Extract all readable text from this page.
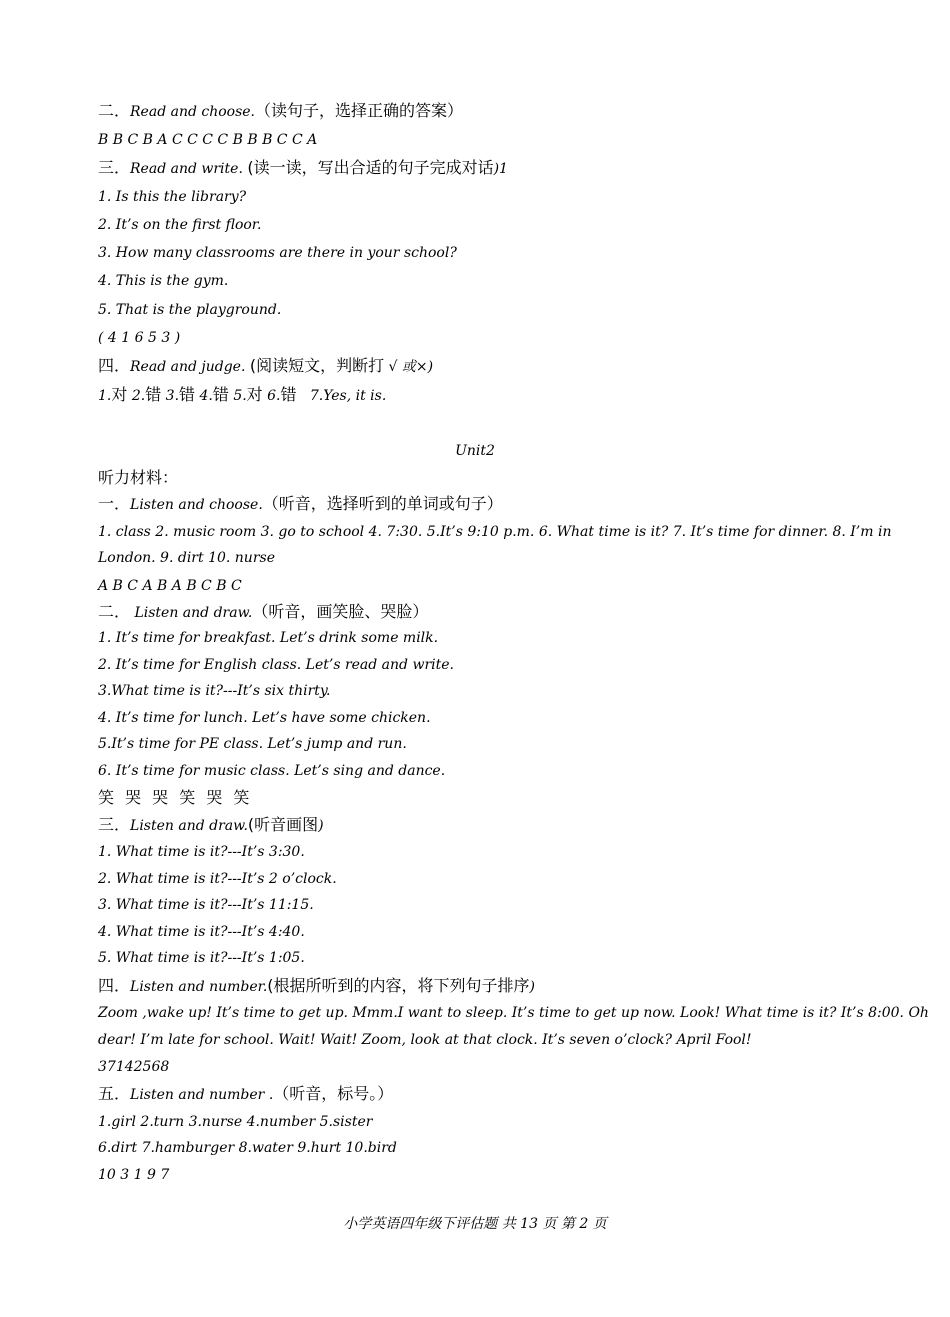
二．Read and choose.（读句子，选择正确的答案）
B B C B A C C C C B B B C C A
三．Read and write. (读一读，写出合适的句子完成对话)1
1. Is this the library?
2. It’s on the first floor.
3. How many classrooms are there in your school?
4. This is the gym.
5. That is the playground.
( 4 1 6 5 3 )
四．Read and judge. (阅读短文，判断打 √ 或×)
1.对 2.错 3.错 4.错 5.对 6.错 7.Yes, it is.
Unit2
听力材料：
一．Listen and choose.（听音，选择听到的单词或句子）
1. class 2. music room 3. go to school 4. 7:30. 5.It’s 9:10 p.m. 6. What time is it? 7. It’s time for dinner. 8. I’m in
London. 9. dirt 10. nurse
A B C A B A B C B C
二． Listen and draw.（听音，画笑脸、哭脸）
1. It’s time for breakfast. Let’s drink some milk.
2. It’s time for English class. Let’s read and write.
3.What time is it?---It’s six thirty.
4. It’s time for lunch. Let’s have some chicken.
5.It’s time for PE class. Let’s jump and run.
6. It’s time for music class. Let’s sing and dance.
笑 哭 哭 笑 哭 笑
三．Listen and draw.(听音画图)
1. What time is it?---It’s 3:30.
2. What time is it?---It’s 2 o’clock.
3. What time is it?---It’s 11:15.
4. What time is it?---It’s 4:40.
5. What time is it?---It’s 1:05.
四．Listen and number.(根据所听到的内容，将下列句子排序)
Zoom ,wake up! It’s time to get up. Mmm.I want to sleep. It’s time to get up now. Look! What time is it? It’s 8:00. Oh
dear! I’m late for school. Wait! Wait! Zoom, look at that clock. It’s seven o’clock? April Fool!
37142568
五．Listen and number .（听音，标号。）
1.girl 2.turn 3.nurse 4.number 5.sister
6.dirt 7.hamburger 8.water 9.hurt 10.bird
10 3 1 9 7
小学英语四年级下评估题 共 13 页 第 2 页
